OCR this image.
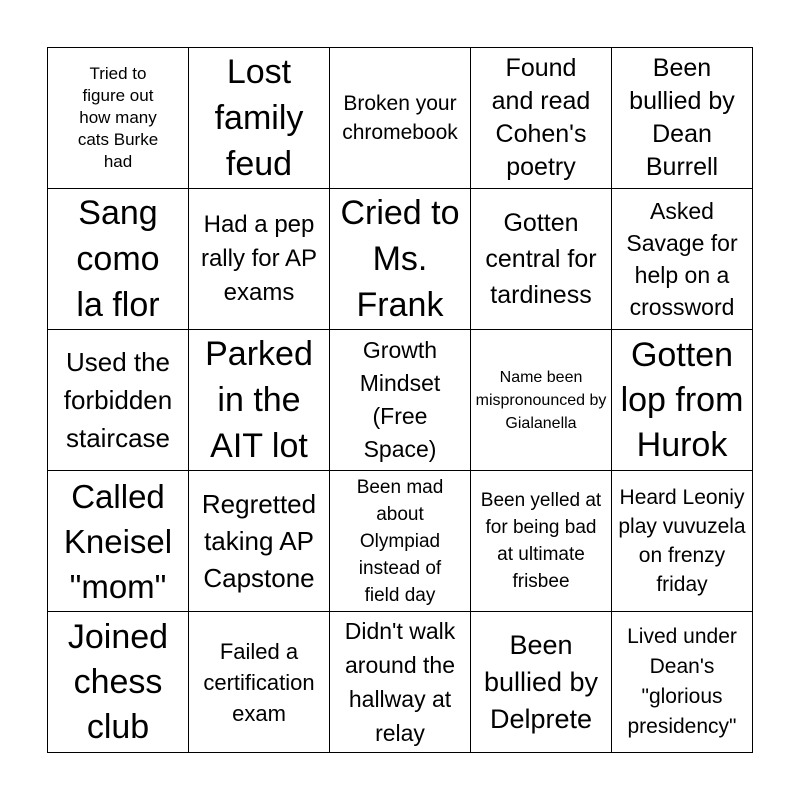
Tried to figure out how many cats Burke had
Lost family feud
Broken your chromebook
Found and read Cohen's poetry
Been bullied by Dean Burrell
Sang como la flor
Had a pep rally for AP exams
Cried to Ms. Frank
Gotten central for tardiness
Asked Savage for help on a crossword
Used the forbidden staircase
Parked in the AIT lot
Growth Mindset (Free Space)
Name been mispronounced by Gialanella
Gotten lop from Hurok
Called Kneisel "mom"
Regretted taking AP Capstone
Been mad about Olympiad instead of field day
Been yelled at for being bad at ultimate frisbee
Heard Leoniy play vuvuzela on frenzy friday
Joined chess club
Failed a certification exam
Didn't walk around the hallway at relay
Been bullied by Delprete
Lived under Dean's "glorious presidency"
